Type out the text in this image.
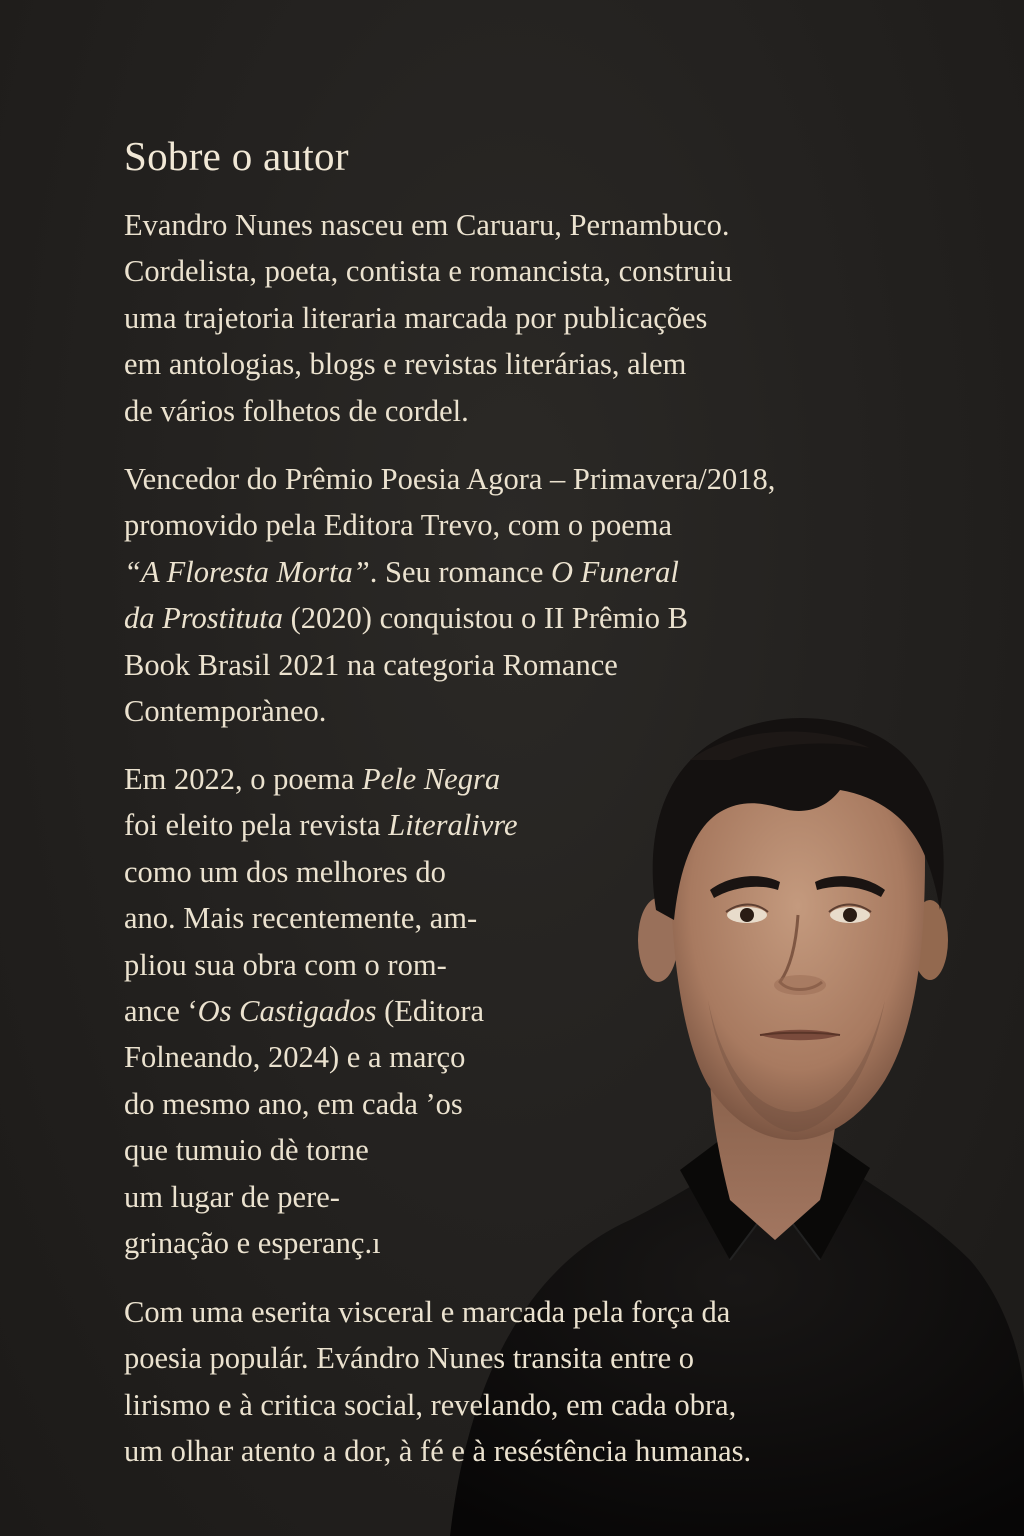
Sobre o autor

Evandro Nunes nasceu em Caruaru, Pernambuco.
Cordelista, poeta, contista e romancista, construiu
uma trajetoria literaria marcada por publicações
em antologias, blogs e revistas literárias, alem
de vários folhetos de cordel.

Vencedor do Prêmio Poesia Agora – Primavera/2018,
promovido pela Editora Trevo, com o poema
“A Floresta Morta”. Seu romance O Funeral
da Prostituta (2020) conquistou o II Prêmio B
Book Brasil 2021 na categoria Romance
Contemporàneo.

Em 2022, o poema Pele Negra
foi eleito pela revista Literalivre
como um dos melhores do
ano. Mais recentemente, am-
pliou sua obra com o rom-
ance ‘Os Castigados (Editora
Folneando, 2024) e a março
do mesmo ano, em cada ’os
que tumuio dè torne
um lugar de pere-
grinação e esperanç.ı

Com uma eserita visceral e marcada pela força da
poesia populár. Evándro Nunes transita entre o
lirismo e à critica social, revelando, em cada obra,
um olhar atento a dor, à fé e à reséstência humanas.
